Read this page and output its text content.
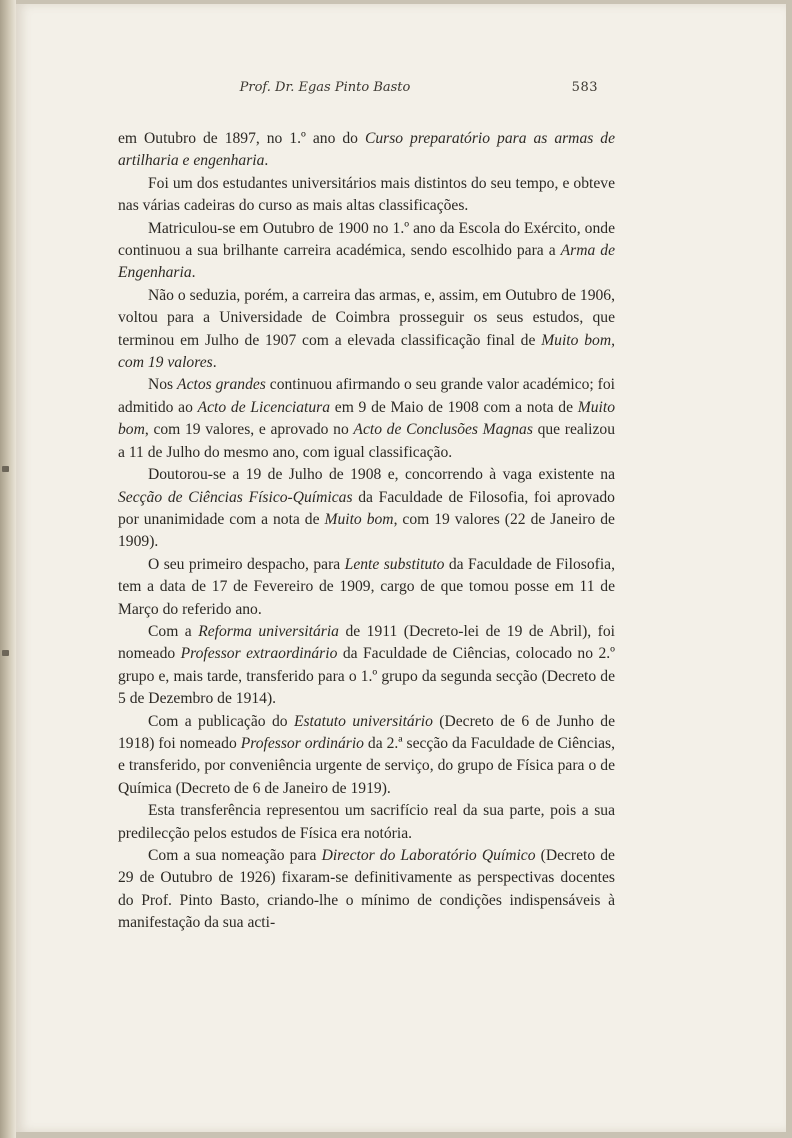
Prof. Dr. Egas Pinto Basto	583

em Outubro de 1897, no 1.º ano do Curso preparatório para as armas de artilharia e engenharia.

Foi um dos estudantes universitários mais distintos do seu tempo, e obteve nas várias cadeiras do curso as mais altas classificações.

Matriculou-se em Outubro de 1900 no 1.º ano da Escola do Exército, onde continuou a sua brilhante carreira académica, sendo escolhido para a Arma de Engenharia.

Não o seduzia, porém, a carreira das armas, e, assim, em Outubro de 1906, voltou para a Universidade de Coimbra prosseguir os seus estudos, que terminou em Julho de 1907 com a elevada classificação final de Muito bom, com 19 valores.

Nos Actos grandes continuou afirmando o seu grande valor académico; foi admitido ao Acto de Licenciatura em 9 de Maio de 1908 com a nota de Muito bom, com 19 valores, e aprovado no Acto de Conclusões Magnas que realizou a 11 de Julho do mesmo ano, com igual classificação.

Doutorou-se a 19 de Julho de 1908 e, concorrendo à vaga existente na Secção de Ciências Físico-Químicas da Faculdade de Filosofia, foi aprovado por unanimidade com a nota de Muito bom, com 19 valores (22 de Janeiro de 1909).

O seu primeiro despacho, para Lente substituto da Faculdade de Filosofia, tem a data de 17 de Fevereiro de 1909, cargo de que tomou posse em 11 de Março do referido ano.

Com a Reforma universitária de 1911 (Decreto-lei de 19 de Abril), foi nomeado Professor extraordinário da Faculdade de Ciências, colocado no 2.º grupo e, mais tarde, transferido para o 1.º grupo da segunda secção (Decreto de 5 de Dezembro de 1914).

Com a publicação do Estatuto universitário (Decreto de 6 de Junho de 1918) foi nomeado Professor ordinário da 2.ª secção da Faculdade de Ciências, e transferido, por conveniência urgente de serviço, do grupo de Física para o de Química (Decreto de 6 de Janeiro de 1919).

Esta transferência representou um sacrifício real da sua parte, pois a sua predilecção pelos estudos de Física era notória.

Com a sua nomeação para Director do Laboratório Químico (Decreto de 29 de Outubro de 1926) fixaram-se definitivamente as perspectivas docentes do Prof. Pinto Basto, criando-lhe o mínimo de condições indispensáveis à manifestação da sua acti-
